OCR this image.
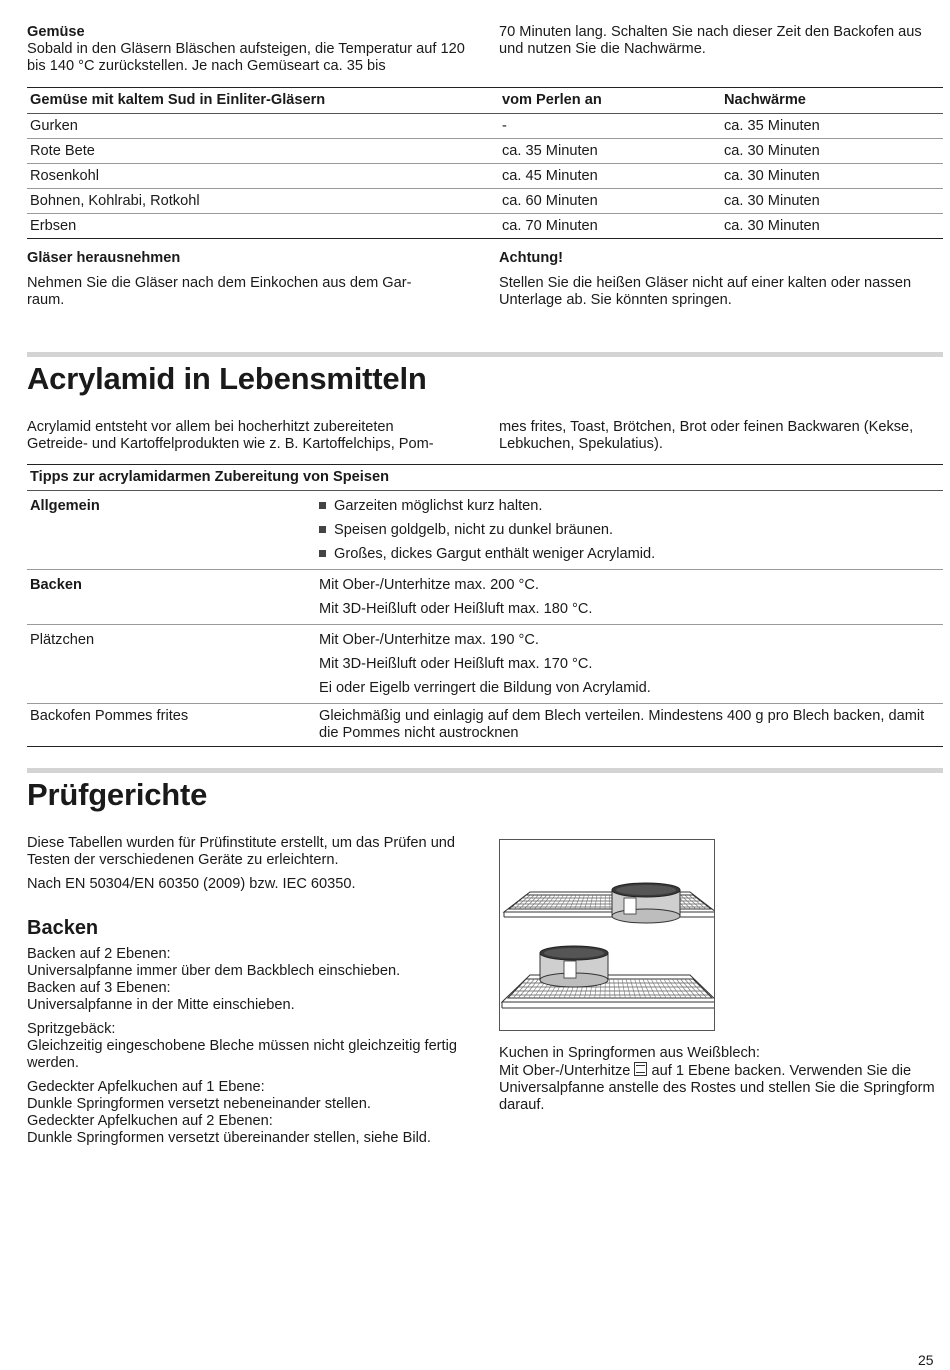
Gemüse

Sobald in den Gläsern Bläschen aufsteigen, die Temperatur auf 120 bis 140 °C zurückstellen. Je nach Gemüseart ca. 35 bis

70 Minuten lang. Schalten Sie nach dieser Zeit den Backofen aus und nutzen Sie die Nachwärme.

Gemüse mit kaltem Sud in Einliter-Gläsern	vom Perlen an	Nachwärme
Gurken	-	ca. 35 Minuten
Rote Bete	ca. 35 Minuten	ca. 30 Minuten
Rosenkohl	ca. 45 Minuten	ca. 30 Minuten
Bohnen, Kohlrabi, Rotkohl	ca. 60 Minuten	ca. 30 Minuten
Erbsen	ca. 70 Minuten	ca. 30 Minuten

Gläser herausnehmen

Nehmen Sie die Gläser nach dem Einkochen aus dem Gar-

raum.

Achtung!

Stellen Sie die heißen Gläser nicht auf einer kalten oder nassen Unterlage ab. Sie könnten springen.

Acrylamid in Lebensmitteln

Acrylamid entsteht vor allem bei hocherhitzt zubereiteten

Getreide- und Kartoffelprodukten wie z. B. Kartoffelchips, Pom-

mes frites, Toast, Brötchen, Brot oder feinen Backwaren (Kekse, Lebkuchen, Spekulatius).

Tipps zur acrylamidarmen Zubereitung von Speisen	
Allgemein	Garzeiten möglichst kurz halten.
Speisen goldgelb, nicht zu dunkel bräunen.
Großes, dickes Gargut enthält weniger Acrylamid.

Backen	Mit Ober-/Unterhitze max. 200 °C.
Mit 3D-Heißluft oder Heißluft max. 180 °C.

Plätzchen	Mit Ober-/Unterhitze max. 190 °C.
Mit 3D-Heißluft oder Heißluft max. 170 °C.
Ei oder Eigelb verringert die Bildung von Acrylamid.

Backofen Pommes frites	Gleichmäßig und einlagig auf dem Blech verteilen. Mindestens 400 g pro Blech backen, damit die Pommes nicht austrocknen
Prüfgerichte

Diese Tabellen wurden für Prüfinstitute erstellt, um das Prüfen und Testen der verschiedenen Geräte zu erleichtern.

Nach EN 50304/EN 60350 (2009) bzw. IEC 60350.

Backen

Backen auf 2 Ebenen:

Universalpfanne immer über dem Backblech einschieben.

Backen auf 3 Ebenen:

Universalpfanne in der Mitte einschieben.

Spritzgebäck:

Gleichzeitig eingeschobene Bleche müssen nicht gleichzeitig fertig werden.

Gedeckter Apfelkuchen auf 1 Ebene:

Dunkle Springformen versetzt nebeneinander stellen.

Gedeckter Apfelkuchen auf 2 Ebenen:

Dunkle Springformen versetzt übereinander stellen, siehe Bild.

Kuchen in Springformen aus Weißblech:

Mit Ober-/Unterhitze auf 1 Ebene backen. Verwenden Sie die Universalpfanne anstelle des Rostes und stellen Sie die Springform darauf.

25
